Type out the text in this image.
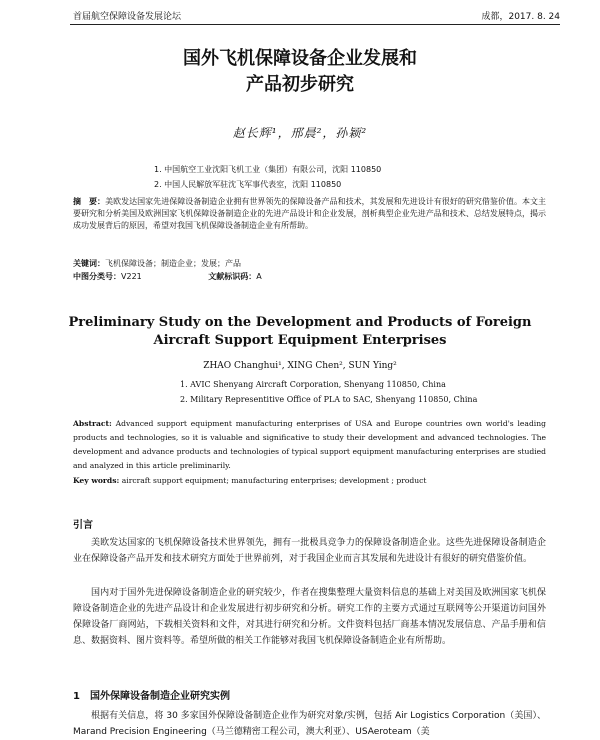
首届航空保障设备发展论坛	成都，2017. 8. 24
国外飞机保障设备企业发展和
产品初步研究
赵长辉¹，邢晨²，孙颖²
1. 中国航空工业沈阳飞机工业（集团）有限公司，沈阳 110850
2. 中国人民解放军驻沈飞军事代表室，沈阳 110850
摘　要：美欧发达国家先进保障设备制造企业拥有世界领先的保障设备产品和技术，其发展和先进设计有很好的研究借鉴价值。本文主要研究和分析美国及欧洲国家飞机保障设备制造企业的先进产品设计和企业发展，剖析典型企业先进产品和技术、总结发展特点，揭示成功发展背后的原因，希望对我国飞机保障设备制造企业有所帮助。
关键词：飞机保障设备；制造企业；发展；产品
中图分类号：V221	文献标识码：A
Preliminary Study on the Development and Products of Foreign
Aircraft Support Equipment Enterprises
ZHAO Changhui¹, XING Chen², SUN Ying²
1. AVIC Shenyang Aircraft Corporation, Shenyang 110850, China
2. Military Representitive Office of PLA to SAC, Shenyang 110850, China
Abstract: Advanced support equipment manufacturing enterprises of USA and Europe countries own world's leading products and technologies, so it is valuable and significative to study their development and advanced technologies. The development and advance products and technologies of typical support equipment manufacturing enterprises are studied and analyzed in this article preliminarily.
Key words: aircraft support equipment; manufacturing enterprises; development ; product
引言
美欧发达国家的飞机保障设备技术世界领先，拥有一批极具竞争力的保障设备制造企业。这些先进保障设备制造企业在保障设备产品开发和技术研究方面处于世界前列，对于我国企业而言其发展和先进设计有很好的研究借鉴价值。
国内对于国外先进保障设备制造企业的研究较少，作者在搜集整理大量资料信息的基础上对美国及欧洲国家飞机保障设备制造企业的先进产品设计和企业发展进行初步研究和分析。研究工作的主要方式通过互联网等公开渠道访问国外保障设备厂商网站，下载相关资料和文件，对其进行研究和分析。文件资料包括厂商基本情况发展信息、产品手册和信息、数据资料、图片资料等。希望所做的相关工作能够对我国飞机保障设备制造企业有所帮助。
1　国外保障设备制造企业研究实例
根据有关信息，将 30 多家国外保障设备制造企业作为研究对象/实例，包括 Air Logistics Corporation（美国）、Marand Precision Engineering（马兰德精密工程公司，澳大利亚）、USAeroteam（美
